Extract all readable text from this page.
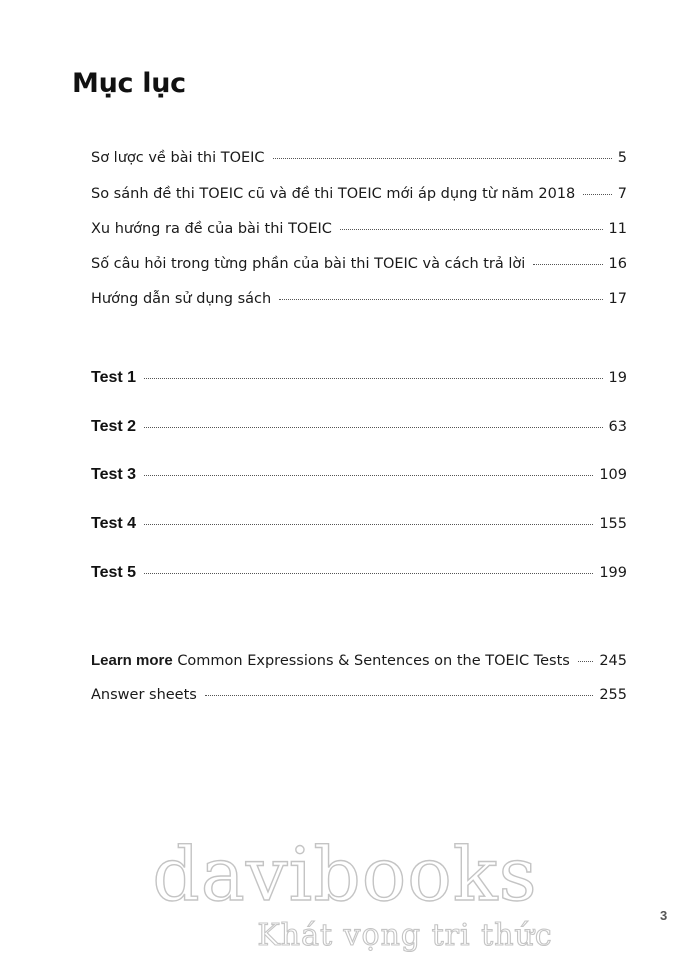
Mục lục
Sơ lược về bài thi TOEIC	5
So sánh đề thi TOEIC cũ và đề thi TOEIC mới áp dụng từ năm 2018	7
Xu hướng ra đề của bài thi TOEIC	11
Số câu hỏi trong từng phần của bài thi TOEIC và cách trả lời	16
Hướng dẫn sử dụng sách	17
Test 1	19
Test 2	63
Test 3	109
Test 4	155
Test 5	199
Learn more Common Expressions & Sentences on the TOEIC Tests 245
Answer sheets	255
davibooks
Khát vọng tri thức
3
